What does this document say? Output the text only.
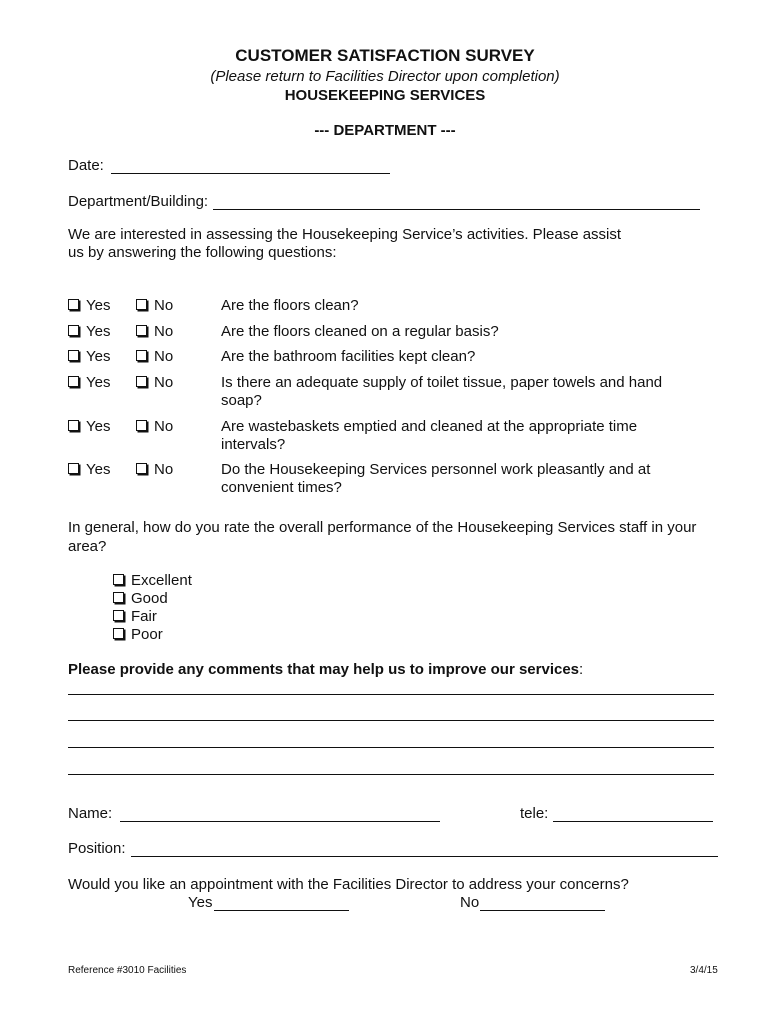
CUSTOMER SATISFACTION SURVEY
(Please return to Facilities Director upon completion)
HOUSEKEEPING SERVICES
--- DEPARTMENT ---
Date:
Department/Building:
We are interested in assessing the Housekeeping Service’s activities. Please assist us by answering the following questions:
Yes	No	Are the floors clean?
Yes	No	Are the floors cleaned on a regular basis?
Yes	No	Are the bathroom facilities kept clean?
Yes	No	Is there an adequate supply of toilet tissue, paper towels and hand soap?
Yes	No	Are wastebaskets emptied and cleaned at the appropriate time intervals?
Yes	No	Do the Housekeeping Services personnel work pleasantly and at convenient times?
In general, how do you rate the overall performance of the Housekeeping Services staff in your area?
Excellent
Good
Fair
Poor
Please provide any comments that may help us to improve our services:
Name:	tele:
Position:
Would you like an appointment with the Facilities Director to address your concerns?
Yes	No
Reference #3010 Facilities	3/4/15
